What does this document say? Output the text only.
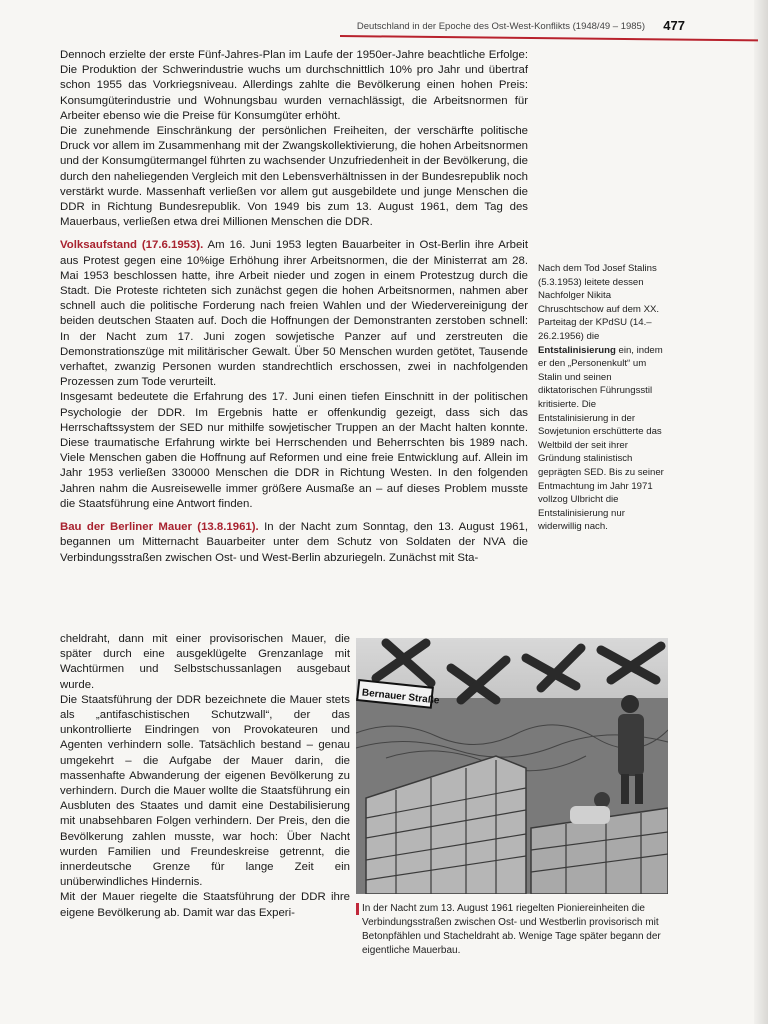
Deutschland in der Epoche des Ost-West-Konflikts (1948/49 – 1985) 477

Dennoch erzielte der erste Fünf-Jahres-Plan im Laufe der 1950er-Jahre beachtliche Erfolge: Die Produktion der Schwerindustrie wuchs um durchschnittlich 10% pro Jahr und übertraf schon 1955 das Vorkriegsniveau. Allerdings zahlte die Bevölkerung einen hohen Preis: Konsumgüterindustrie und Wohnungsbau wurden vernachlässigt, die Arbeitsnormen für Arbeiter ebenso wie die Preise für Konsumgüter erhöht.

Die zunehmende Einschränkung der persönlichen Freiheiten, der verschärfte politische Druck vor allem im Zusammenhang mit der Zwangskollektivierung, die hohen Arbeitsnormen und der Konsumgütermangel führten zu wachsender Unzufriedenheit in der Bevölkerung, die durch den naheliegenden Vergleich mit den Lebensverhältnissen in der Bundesrepublik noch verstärkt wurde. Massenhaft verließen vor allem gut ausgebildete und junge Menschen die DDR in Richtung Bundesrepublik. Von 1949 bis zum 13. August 1961, dem Tag des Mauerbaus, verließen etwa drei Millionen Menschen die DDR.

Volksaufstand (17.6.1953). Am 16. Juni 1953 legten Bauarbeiter in Ost-Berlin ihre Arbeit aus Protest gegen eine 10%ige Erhöhung ihrer Arbeitsnormen, die der Ministerrat am 28. Mai 1953 beschlossen hatte, ihre Arbeit nieder und zogen in einem Protestzug durch die Stadt. Die Proteste richteten sich zunächst gegen die hohen Arbeitsnormen, nahmen aber schnell auch die politische Forderung nach freien Wahlen und der Wiedervereinigung der beiden deutschen Staaten auf. Doch die Hoffnungen der Demonstranten zerstoben schnell: In der Nacht zum 17. Juni zogen sowjetische Panzer auf und zerstreuten die Demonstrationszüge mit militärischer Gewalt. Über 50 Menschen wurden getötet, Tausende verhaftet, zwanzig Personen wurden standrechtlich erschossen, zwei in nachfolgenden Prozessen zum Tode verurteilt.

Insgesamt bedeutete die Erfahrung des 17. Juni einen tiefen Einschnitt in der politischen Psychologie der DDR. Im Ergebnis hatte er offenkundig gezeigt, dass sich das Herrschaftssystem der SED nur mithilfe sowjetischer Truppen an der Macht halten konnte. Diese traumatische Erfahrung wirkte bei Herrschenden und Beherrschten bis 1989 nach. Viele Menschen gaben die Hoffnung auf Reformen und eine freie Entwicklung auf. Allein im Jahr 1953 verließen 330000 Menschen die DDR in Richtung Westen. In den folgenden Jahren nahm die Ausreisewelle immer größere Ausmaße an – auf dieses Problem musste die Staatsführung eine Antwort finden.

Bau der Berliner Mauer (13.8.1961). In der Nacht zum Sonntag, den 13. August 1961, begannen um Mitternacht Bauarbeiter unter dem Schutz von Soldaten der NVA die Verbindungsstraßen zwischen Ost- und West-Berlin abzuriegeln. Zunächst mit Sta-

cheldraht, dann mit einer provisorischen Mauer, die später durch eine ausgeklügelte Grenzanlage mit Wachtürmen und Selbstschussanlagen ausgebaut wurde.

Die Staatsführung der DDR bezeichnete die Mauer stets als „antifaschistischen Schutzwall“, der das unkontrollierte Eindringen von Provokateuren und Agenten verhindern solle. Tatsächlich bestand – genau umgekehrt – die Aufgabe der Mauer darin, die massenhafte Abwanderung der eigenen Bevölkerung zu verhindern. Durch die Mauer wollte die Staatsführung ein Ausbluten des Staates und damit eine Destabilisierung mit unabsehbaren Folgen verhindern. Der Preis, den die Bevölkerung zahlen musste, war hoch: Über Nacht wurden Familien und Freundeskreise getrennt, die innerdeutsche Grenze für lange Zeit ein unüberwindliches Hindernis.

Mit der Mauer riegelte die Staatsführung der DDR ihre eigene Bevölkerung ab. Damit war das Experi-

Nach dem Tod Josef Stalins (5.3.1953) leitete dessen Nachfolger Nikita Chruschtschow auf dem XX. Parteitag der KPdSU (14.–26.2.1956) die Entstalinisierung ein, indem er den „Personenkult“ um Stalin und seinen diktatorischen Führungsstil kritisierte. Die Entstalinisierung in der Sowjetunion erschütterte das Weltbild der seit ihrer Gründung stalinistisch geprägten SED. Bis zu seiner Entmachtung im Jahr 1971 vollzog Ulbricht die Entstalinisierung nur widerwillig nach.
Bernauer Straße
In der Nacht zum 13. August 1961 riegelten Pioniereinheiten die Verbindungsstraßen zwischen Ost- und Westberlin provisorisch mit Betonpfählen und Stacheldraht ab. Wenige Tage später begann der eigentliche Mauerbau.
